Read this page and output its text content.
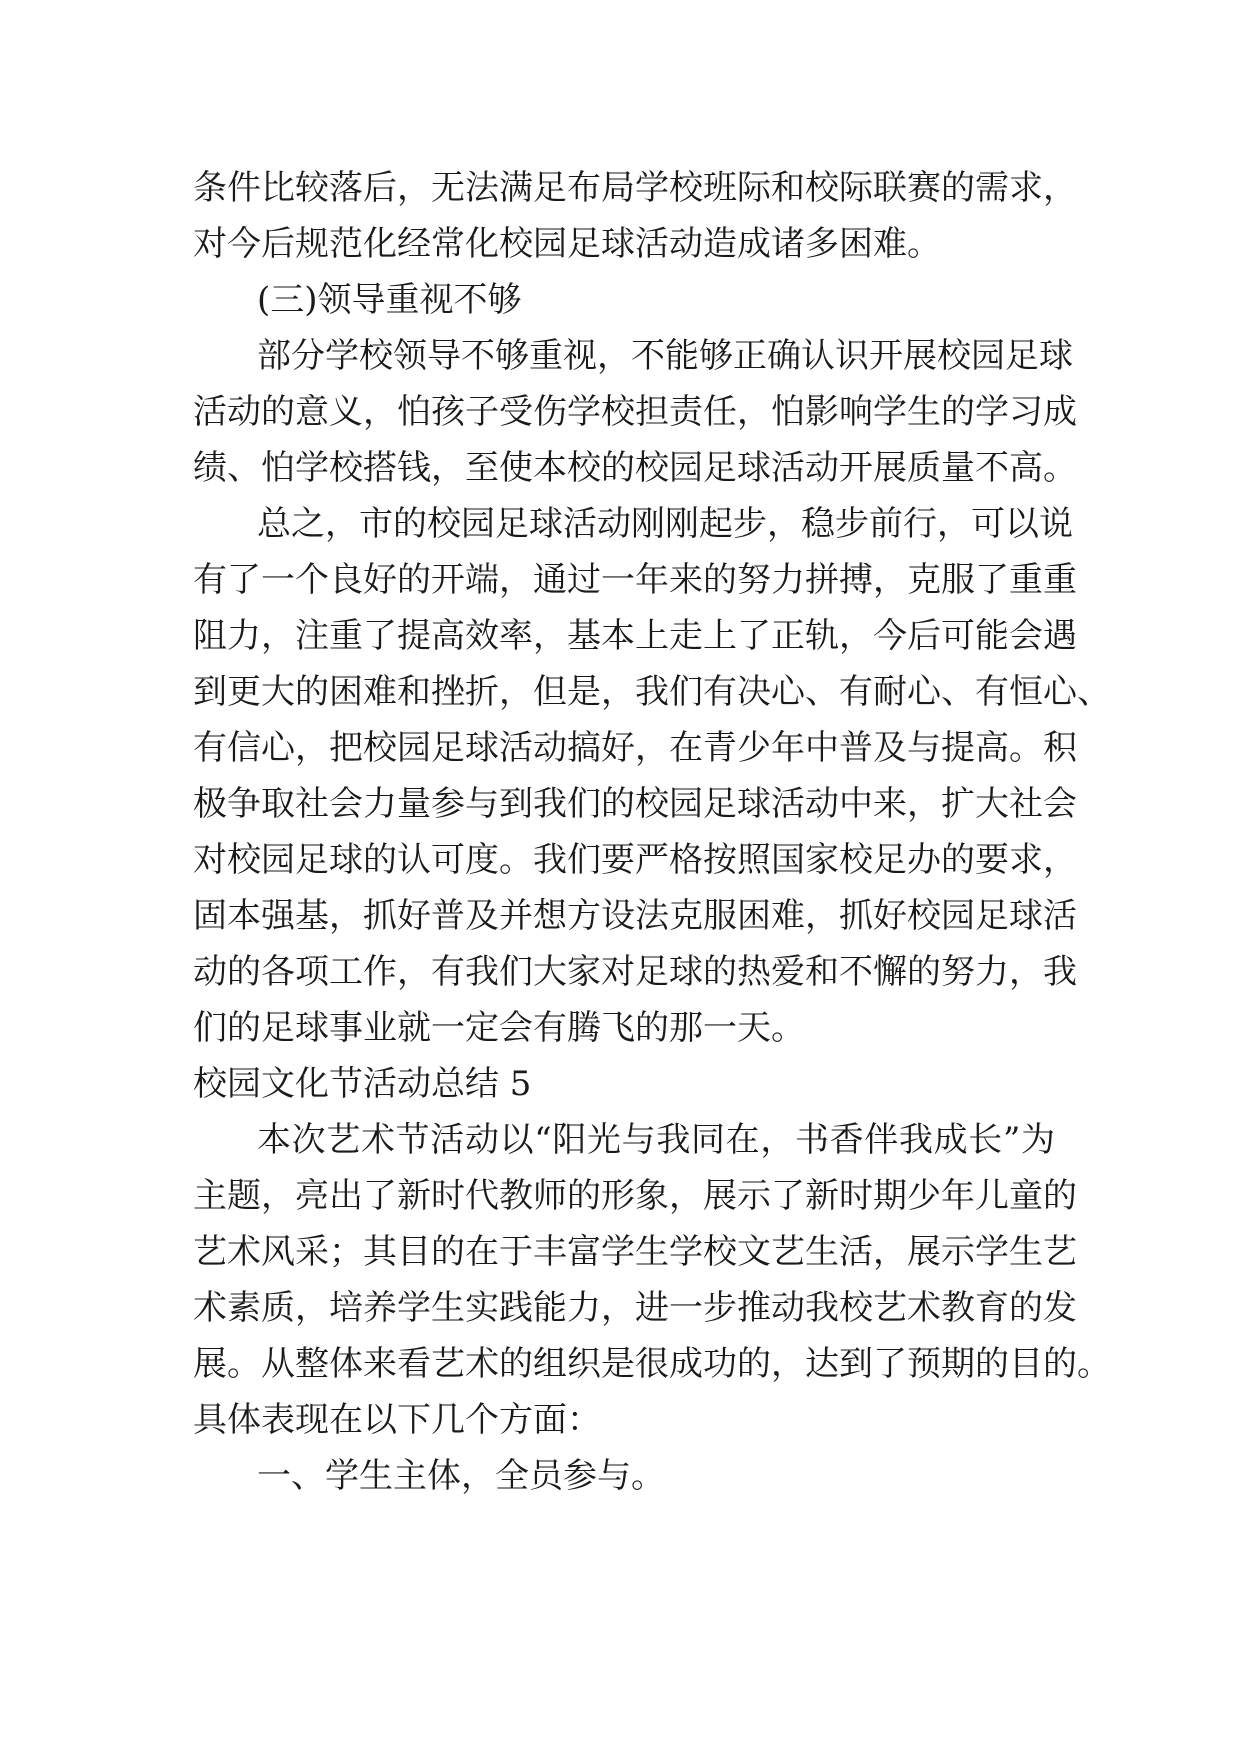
条件比较落后，无法满足布局学校班际和校际联赛的需求，
对今后规范化经常化校园足球活动造成诸多困难。
(三)领导重视不够
部分学校领导不够重视，不能够正确认识开展校园足球
活动的意义，怕孩子受伤学校担责任，怕影响学生的学习成
绩、怕学校搭钱，至使本校的校园足球活动开展质量不高。
总之，市的校园足球活动刚刚起步，稳步前行，可以说
有了一个良好的开端，通过一年来的努力拼搏，克服了重重
阻力，注重了提高效率，基本上走上了正轨，今后可能会遇
到更大的困难和挫折，但是，我们有决心、有耐心、有恒心、
有信心，把校园足球活动搞好，在青少年中普及与提高。积
极争取社会力量参与到我们的校园足球活动中来，扩大社会
对校园足球的认可度。我们要严格按照国家校足办的要求，
固本强基，抓好普及并想方设法克服困难，抓好校园足球活
动的各项工作，有我们大家对足球的热爱和不懈的努力，我
们的足球事业就一定会有腾飞的那一天。
校园文化节活动总结 5
本次艺术节活动以“阳光与我同在，书香伴我成长”为
主题，亮出了新时代教师的形象，展示了新时期少年儿童的
艺术风采；其目的在于丰富学生学校文艺生活，展示学生艺
术素质，培养学生实践能力，进一步推动我校艺术教育的发
展。从整体来看艺术的组织是很成功的，达到了预期的目的。
具体表现在以下几个方面：
一、学生主体，全员参与。
